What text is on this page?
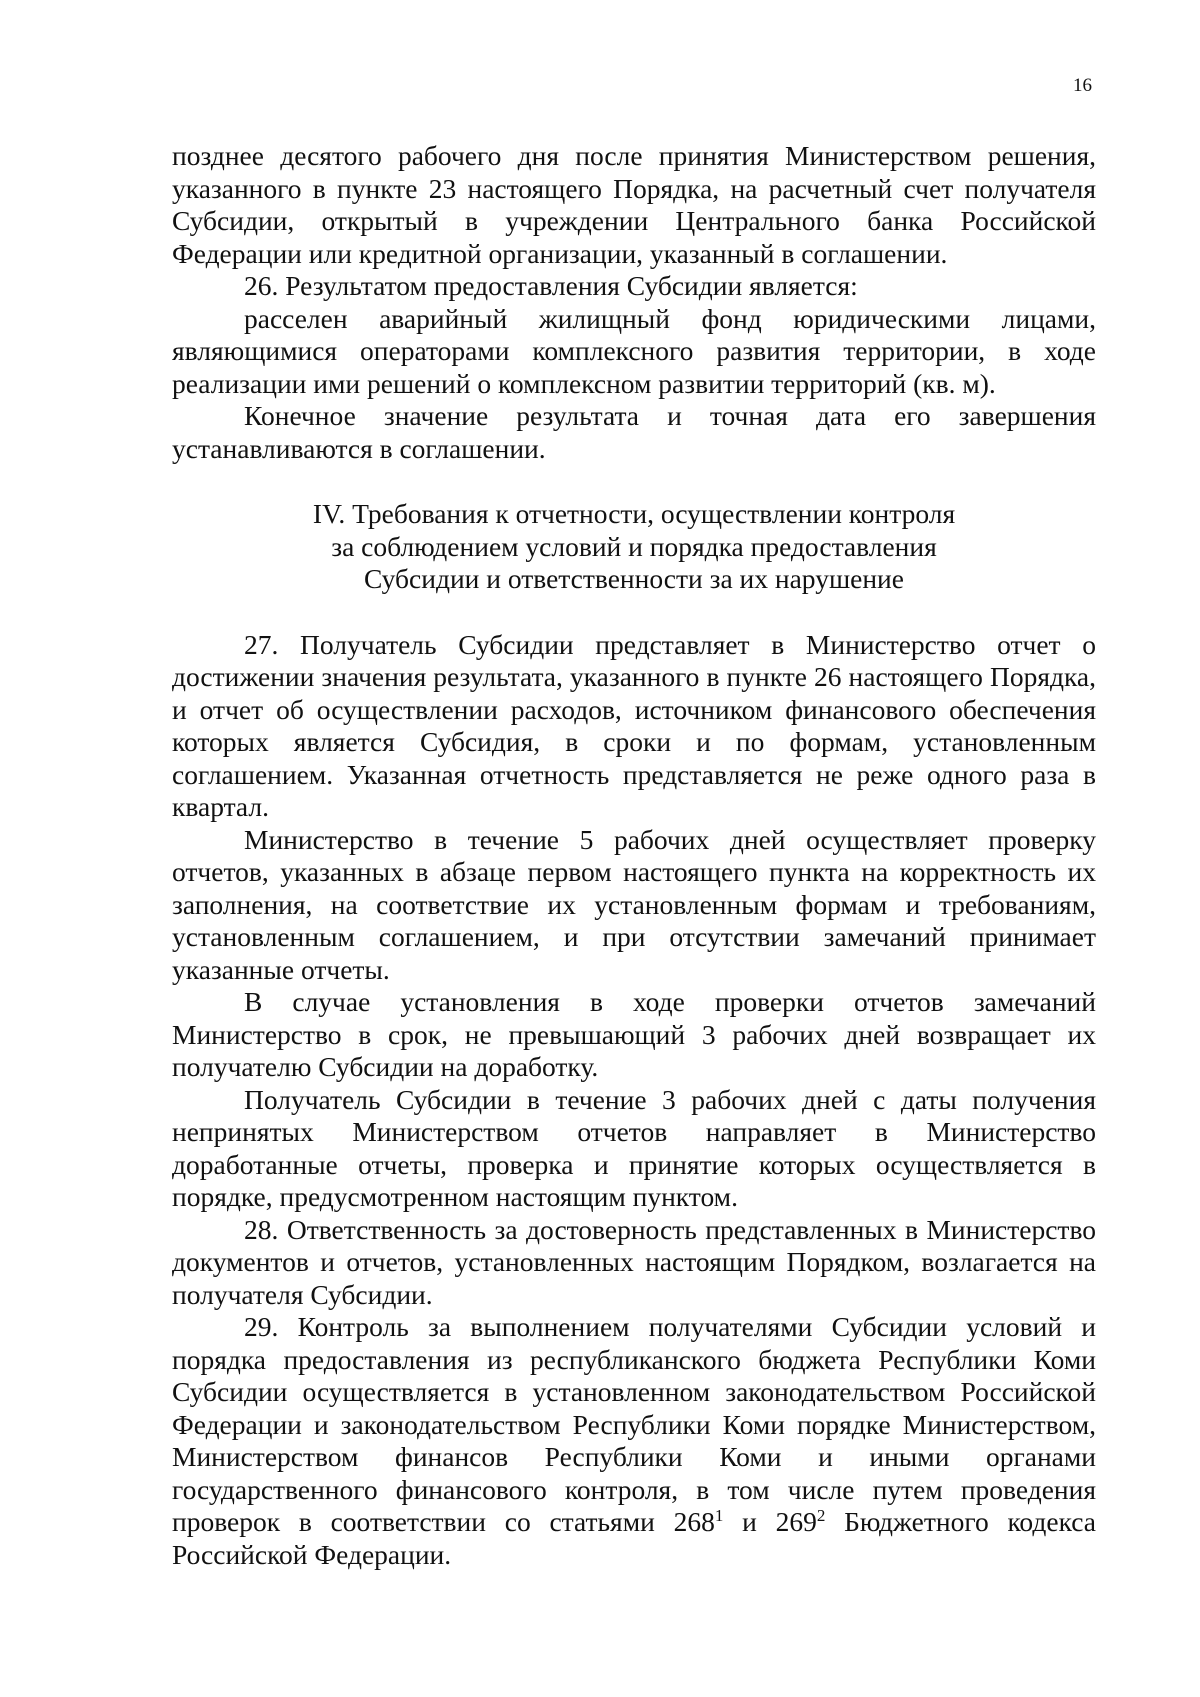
16

позднее десятого рабочего дня после принятия Министерством решения, указанного в пункте 23 настоящего Порядка, на расчетный счет получателя Субсидии, открытый в учреждении Центрального банка Российской Федерации или кредитной организации, указанный в соглашении.

26. Результатом предоставления Субсидии является:

расселен аварийный жилищный фонд юридическими лицами, являющимися операторами комплексного развития территории, в ходе реализации ими решений о комплексном развитии территорий (кв. м).

Конечное значение результата и точная дата его завершения устанавливаются в соглашении.

IV. Требования к отчетности, осуществлении контроля
за соблюдением условий и порядка предоставления
Субсидии и ответственности за их нарушение

27. Получатель Субсидии представляет в Министерство отчет о достижении значения результата, указанного в пункте 26 настоящего Порядка, и отчет об осуществлении расходов, источником финансового обеспечения которых является Субсидия, в сроки и по формам, установленным соглашением. Указанная отчетность представляется не реже одного раза в квартал.

Министерство в течение 5 рабочих дней осуществляет проверку отчетов, указанных в абзаце первом настоящего пункта на корректность их заполнения, на соответствие их установленным формам и требованиям, установленным соглашением, и при отсутствии замечаний принимает указанные отчеты.

В случае установления в ходе проверки отчетов замечаний Министерство в срок, не превышающий 3 рабочих дней возвращает их получателю Субсидии на доработку.

Получатель Субсидии в течение 3 рабочих дней с даты получения непринятых Министерством отчетов направляет в Министерство доработанные отчеты, проверка и принятие которых осуществляется в порядке, предусмотренном настоящим пунктом.

28. Ответственность за достоверность представленных в Министерство документов и отчетов, установленных настоящим Порядком, возлагается на получателя Субсидии.

29. Контроль за выполнением получателями Субсидии условий и порядка предоставления из республиканского бюджета Республики Коми Субсидии осуществляется в установленном законодательством Российской Федерации и законодательством Республики Коми порядке Министерством, Министерством финансов Республики Коми и иными органами государственного финансового контроля, в том числе путем проведения проверок в соответствии со статьями $268^1$ и $269^2$ Бюджетного кодекса Российской Федерации.
